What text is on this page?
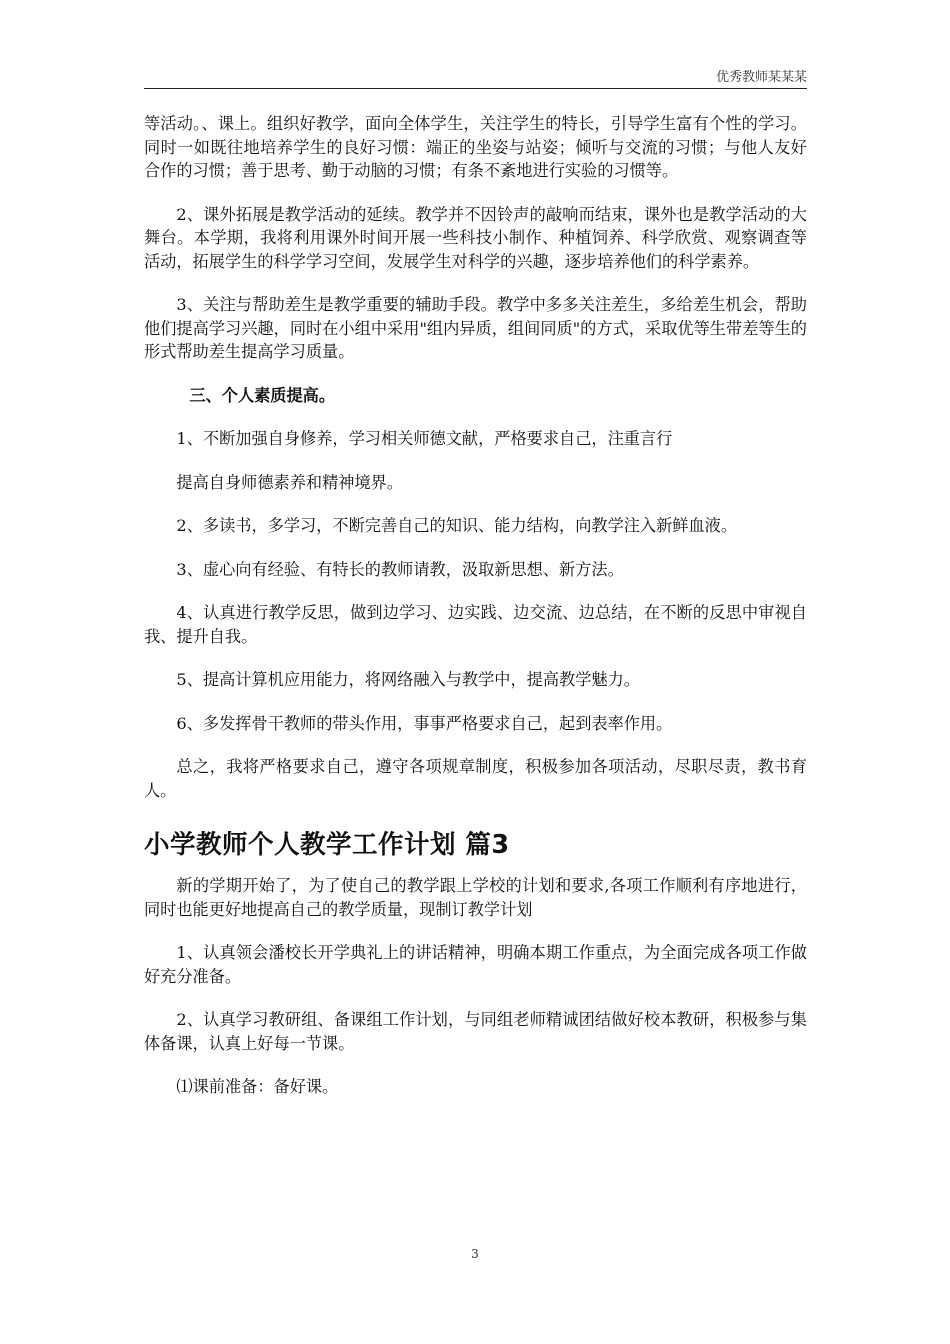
优秀教师某某某

等活动。、课上。组织好教学，面向全体学生，关注学生的特长，引导学生富有个性的学习。同时一如既往地培养学生的良好习惯：端正的坐姿与站姿；倾听与交流的习惯；与他人友好合作的习惯；善于思考、勤于动脑的习惯；有条不紊地进行实验的习惯等。

2、课外拓展是教学活动的延续。教学并不因铃声的敲响而结束，课外也是教学活动的大舞台。本学期，我将利用课外时间开展一些科技小制作、种植饲养、科学欣赏、观察调查等活动，拓展学生的科学学习空间，发展学生对科学的兴趣，逐步培养他们的科学素养。

3、关注与帮助差生是教学重要的辅助手段。教学中多多关注差生，多给差生机会，帮助他们提高学习兴趣，同时在小组中采用"组内异质，组间同质"的方式，采取优等生带差等生的形式帮助差生提高学习质量。

三、个人素质提高。

1、不断加强自身修养，学习相关师德文献，严格要求自己，注重言行

提高自身师德素养和精神境界。

2、多读书，多学习，不断完善自己的知识、能力结构，向教学注入新鲜血液。

3、虚心向有经验、有特长的教师请教，汲取新思想、新方法。

4、认真进行教学反思，做到边学习、边实践、边交流、边总结，在不断的反思中审视自我、提升自我。

5、提高计算机应用能力，将网络融入与教学中，提高教学魅力。

6、多发挥骨干教师的带头作用，事事严格要求自己，起到表率作用。

总之，我将严格要求自己，遵守各项规章制度，积极参加各项活动，尽职尽责，教书育人。

小学教师个人教学工作计划 篇3

新的学期开始了，为了使自己的教学跟上学校的计划和要求,各项工作顺利有序地进行，同时也能更好地提高自己的教学质量，现制订教学计划

1、认真领会潘校长开学典礼上的讲话精神，明确本期工作重点，为全面完成各项工作做好充分准备。

2、认真学习教研组、备课组工作计划，与同组老师精诚团结做好校本教研，积极参与集体备课，认真上好每一节课。

⑴课前准备：备好课。

3
